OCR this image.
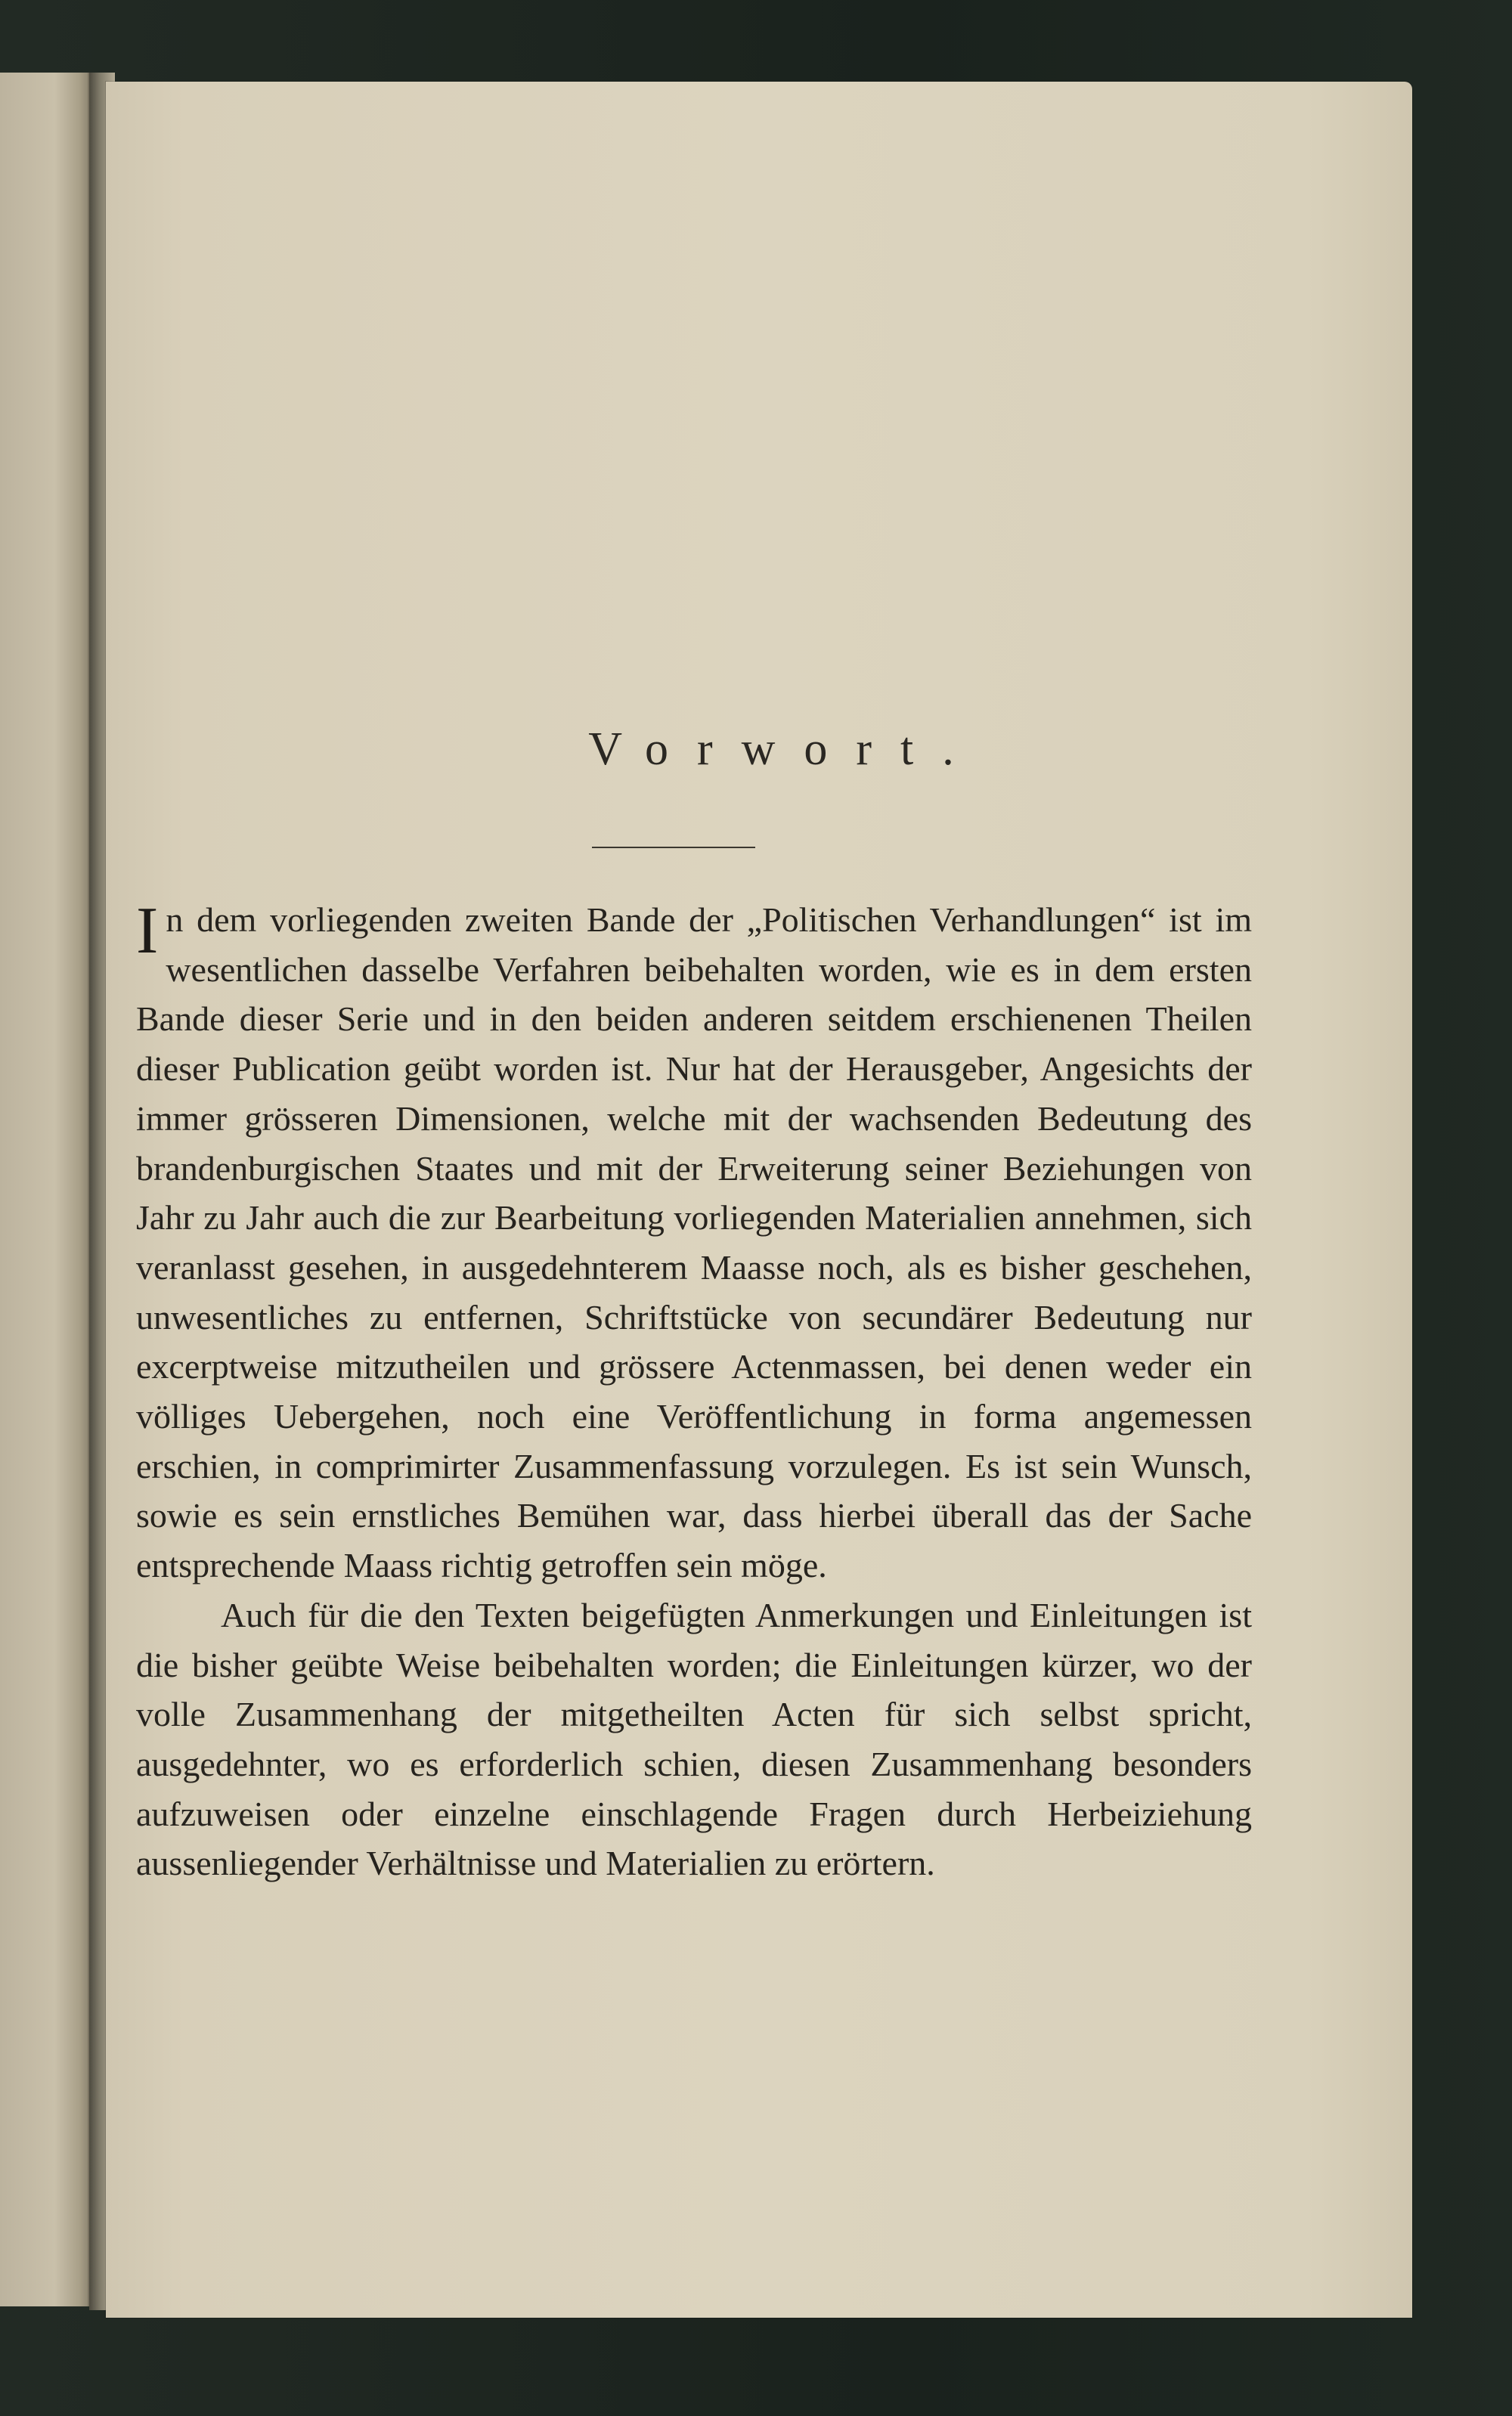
Vorwort.

In dem vorliegenden zweiten Bande der „Politischen Verhandlungen“ ist im wesentlichen dasselbe Verfahren beibehalten worden, wie es in dem ersten Bande dieser Serie und in den beiden anderen seitdem erschienenen Theilen dieser Publication geübt worden ist. Nur hat der Herausgeber, Angesichts der immer grösseren Dimensionen, welche mit der wachsenden Bedeutung des brandenburgischen Staates und mit der Erweiterung seiner Beziehungen von Jahr zu Jahr auch die zur Bearbeitung vorliegenden Materialien annehmen, sich veranlasst gesehen, in ausgedehnterem Maasse noch, als es bisher geschehen, unwesentliches zu entfernen, Schriftstücke von secundärer Bedeutung nur excerptweise mitzutheilen und grössere Actenmassen, bei denen weder ein völliges Uebergehen, noch eine Veröffentlichung in forma angemessen erschien, in comprimirter Zusammenfassung vorzulegen. Es ist sein Wunsch, sowie es sein ernstliches Bemühen war, dass hierbei überall das der Sache entsprechende Maass richtig getroffen sein möge.

Auch für die den Texten beigefügten Anmerkungen und Einleitungen ist die bisher geübte Weise beibehalten worden; die Einleitungen kürzer, wo der volle Zusammenhang der mitgetheilten Acten für sich selbst spricht, ausgedehnter, wo es erforderlich schien, diesen Zusammenhang besonders aufzuweisen oder einzelne einschlagende Fragen durch Herbeiziehung aussenliegender Verhältnisse und Materialien zu erörtern.
